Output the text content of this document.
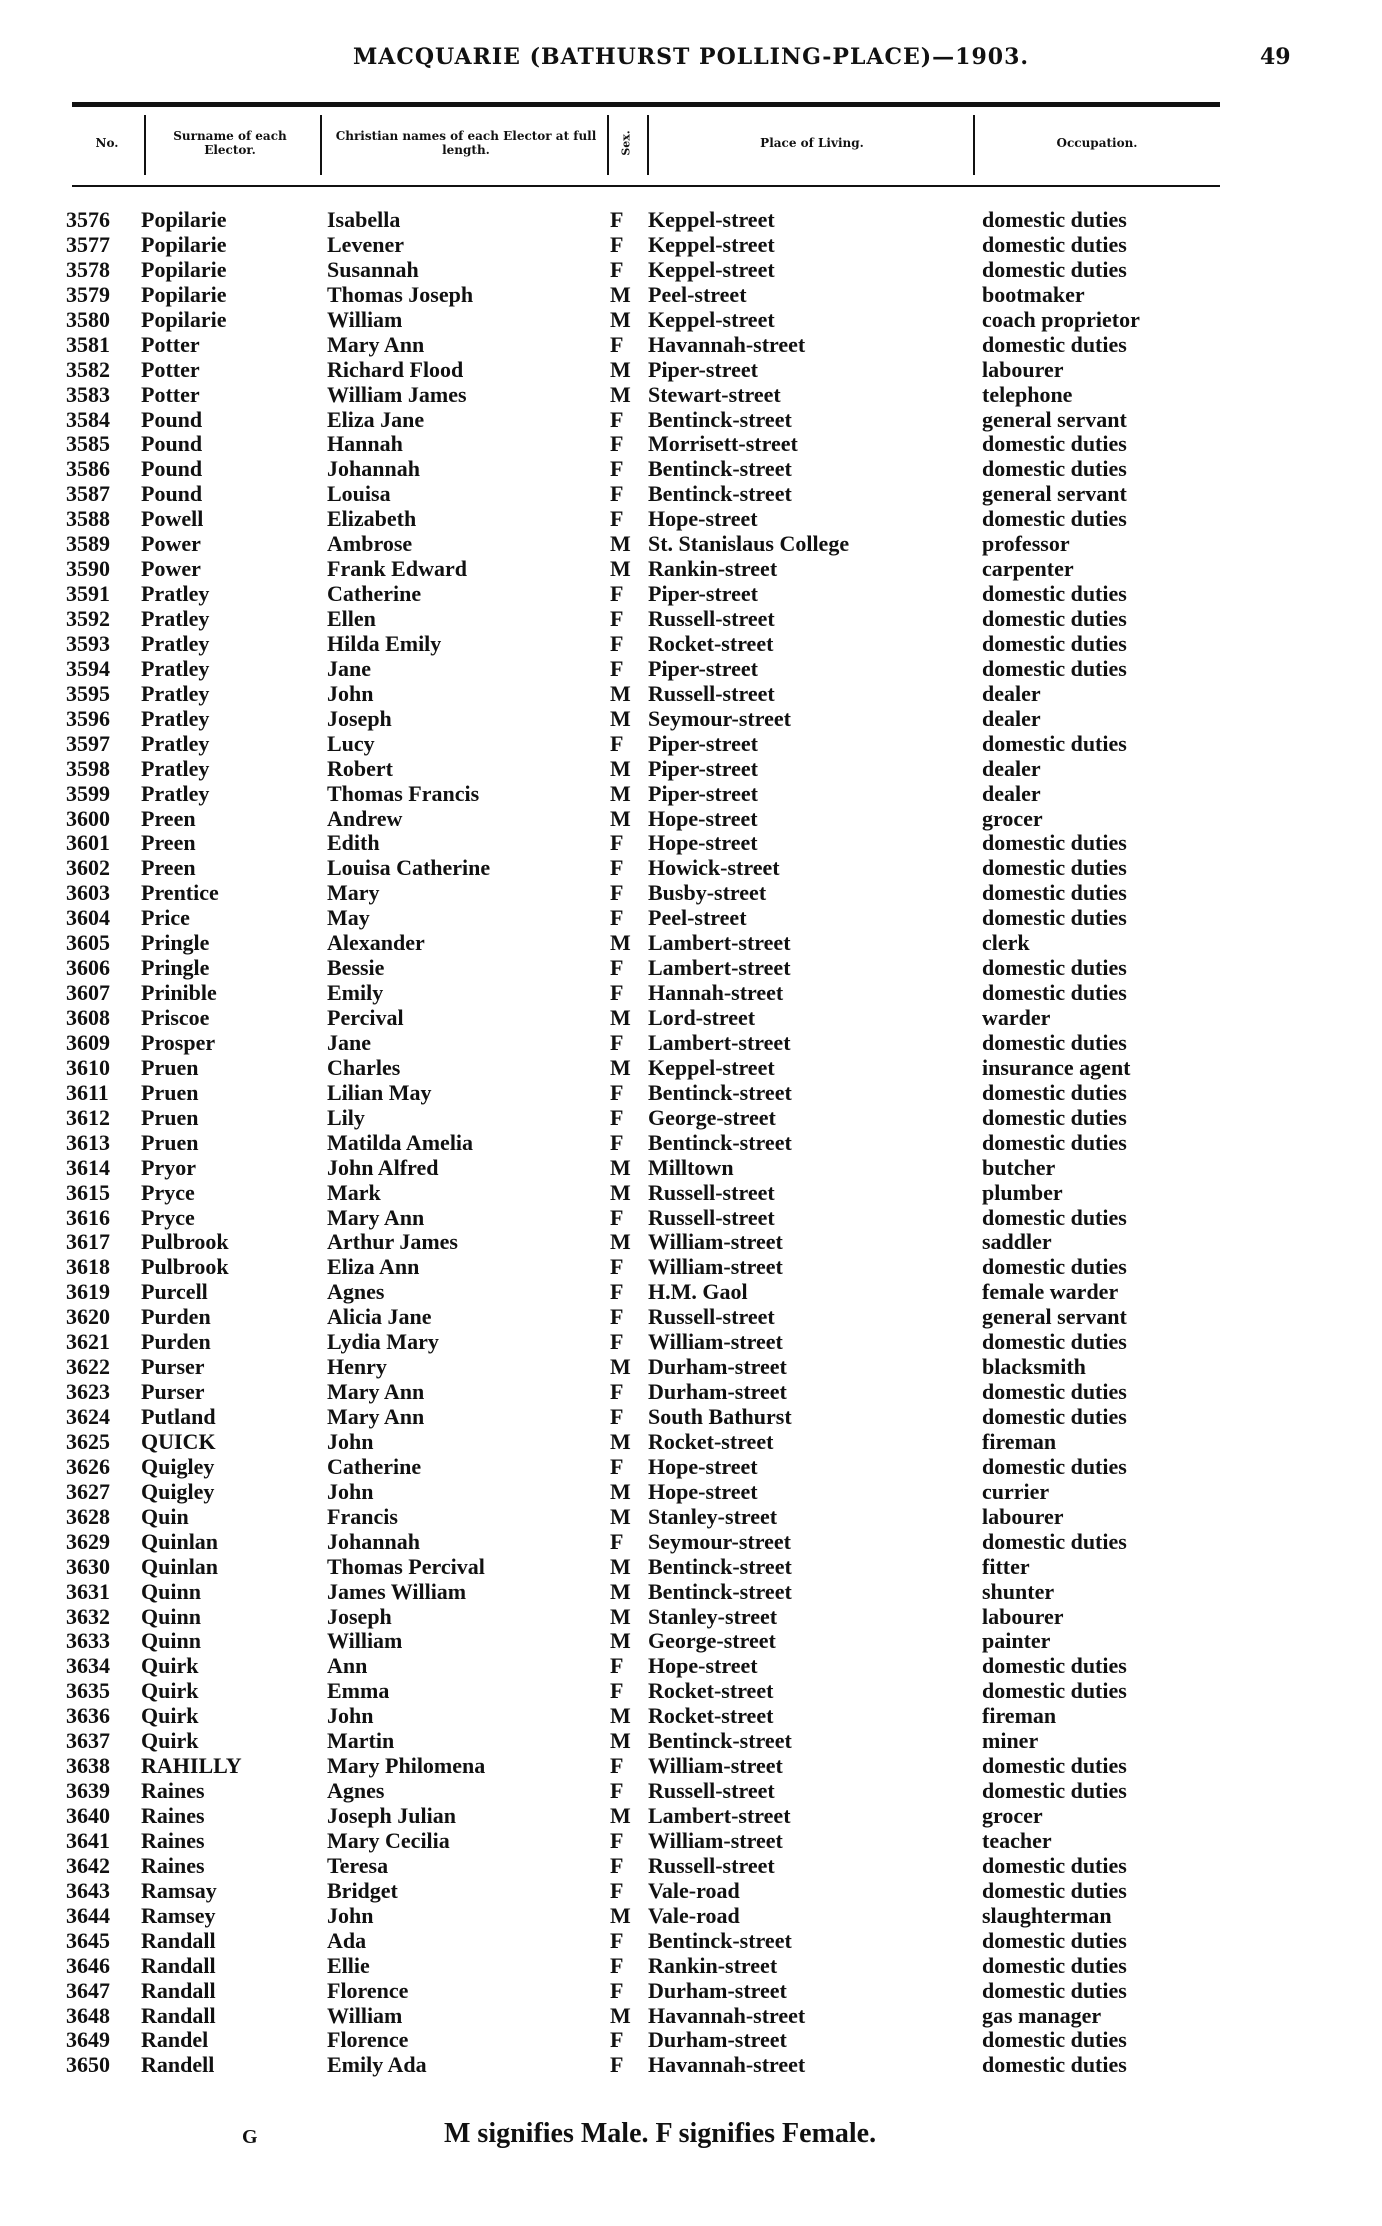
MACQUARIE (BATHURST POLLING-PLACE)—1903.	49
No.	Surname of each Elector.
Christian names of each Elector at full length.	Sex.	Place of Living.	Occupation.
3576 Popilarie	Isabella	F Keppel-street	domestic duties
3577 Popilarie	Levener	F Keppel-street	domestic duties
3578 Popilarie	Susannah	F Keppel-street	domestic duties
3579 Popilarie	Thomas Joseph	M Peel-street	bootmaker
3580 Popilarie	William	M Keppel-street	coach proprietor
3581 Potter	Mary Ann	F Havannah-street	domestic duties
3582 Potter	Richard Flood	M Piper-street	labourer
3583 Potter	William James	M Stewart-street	telephone
3584 Pound	Eliza Jane	F Bentinck-street	general servant
3585 Pound	Hannah	F Morrisett-street	domestic duties
3586 Pound	Johannah	F Bentinck-street	domestic duties
3587 Pound	Louisa	F Bentinck-street	general servant
3588 Powell	Elizabeth	F Hope-street	domestic duties
3589 Power	Ambrose	M St. Stanislaus College	professor
3590 Power	Frank Edward	M Rankin-street	carpenter
3591 Pratley	Catherine	F Piper-street	domestic duties
3592 Pratley	Ellen	F Russell-street	domestic duties
3593 Pratley	Hilda Emily	F Rocket-street	domestic duties
3594 Pratley	Jane	F Piper-street	domestic duties
3595 Pratley	John	M Russell-street	dealer
3596 Pratley	Joseph	M Seymour-street	dealer
3597 Pratley	Lucy	F Piper-street	domestic duties
3598 Pratley	Robert	M Piper-street	dealer
3599 Pratley	Thomas Francis	M Piper-street	dealer
3600 Preen	Andrew	M Hope-street	grocer
3601 Preen	Edith	F Hope-street	domestic duties
3602 Preen	Louisa Catherine	F Howick-street	domestic duties
3603 Prentice	Mary	F Busby-street	domestic duties
3604 Price	May	F Peel-street	domestic duties
3605 Pringle	Alexander	M Lambert-street	clerk
3606 Pringle	Bessie	F Lambert-street	domestic duties
3607 Prinible	Emily	F Hannah-street	domestic duties
3608 Priscoe	Percival	M Lord-street	warder
3609 Prosper	Jane	F Lambert-street	domestic duties
3610 Pruen	Charles	M Keppel-street	insurance agent
3611 Pruen	Lilian May	F Bentinck-street	domestic duties
3612 Pruen	Lily	F George-street	domestic duties
3613 Pruen	Matilda Amelia	F Bentinck-street	domestic duties
3614 Pryor	John Alfred	M Milltown	butcher
3615 Pryce	Mark	M Russell-street	plumber
3616 Pryce	Mary Ann	F Russell-street	domestic duties
3617 Pulbrook	Arthur James	M William-street	saddler
3618 Pulbrook	Eliza Ann	F William-street	domestic duties
3619 Purcell	Agnes	F H.M. Gaol	female warder
3620 Purden	Alicia Jane	F Russell-street	general servant
3621 Purden	Lydia Mary	F William-street	domestic duties
3622 Purser	Henry	M Durham-street	blacksmith
3623 Purser	Mary Ann	F Durham-street	domestic duties
3624 Putland	Mary Ann	F South Bathurst	domestic duties
3625 QUICK	John	M Rocket-street	fireman
3626 Quigley	Catherine	F Hope-street	domestic duties
3627 Quigley	John	M Hope-street	currier
3628 Quin	Francis	M Stanley-street	labourer
3629 Quinlan	Johannah	F Seymour-street	domestic duties
3630 Quinlan	Thomas Percival	M Bentinck-street	fitter
3631 Quinn	James William	M Bentinck-street	shunter
3632 Quinn	Joseph	M Stanley-street	labourer
3633 Quinn	William	M George-street	painter
3634 Quirk	Ann	F Hope-street	domestic duties
3635 Quirk	Emma	F Rocket-street	domestic duties
3636 Quirk	John	M Rocket-street	fireman
3637 Quirk	Martin	M Bentinck-street	miner
3638 RAHILLY	Mary Philomena	F William-street	domestic duties
3639 Raines	Agnes	F Russell-street	domestic duties
3640 Raines	Joseph Julian	M Lambert-street	grocer
3641 Raines	Mary Cecilia	F William-street	teacher
3642 Raines	Teresa	F Russell-street	domestic duties
3643 Ramsay	Bridget	F Vale-road	domestic duties
3644 Ramsey	John	M Vale-road	slaughterman
3645 Randall	Ada	F Bentinck-street	domestic duties
3646 Randall	Ellie	F Rankin-street	domestic duties
3647 Randall	Florence	F Durham-street	domestic duties
3648 Randall	William	M Havannah-street	gas manager
3649 Randel	Florence	F Durham-street	domestic duties
3650 Randell	Emily Ada	F Havannah-street	domestic duties
G	M signifies Male. F signifies Female.
